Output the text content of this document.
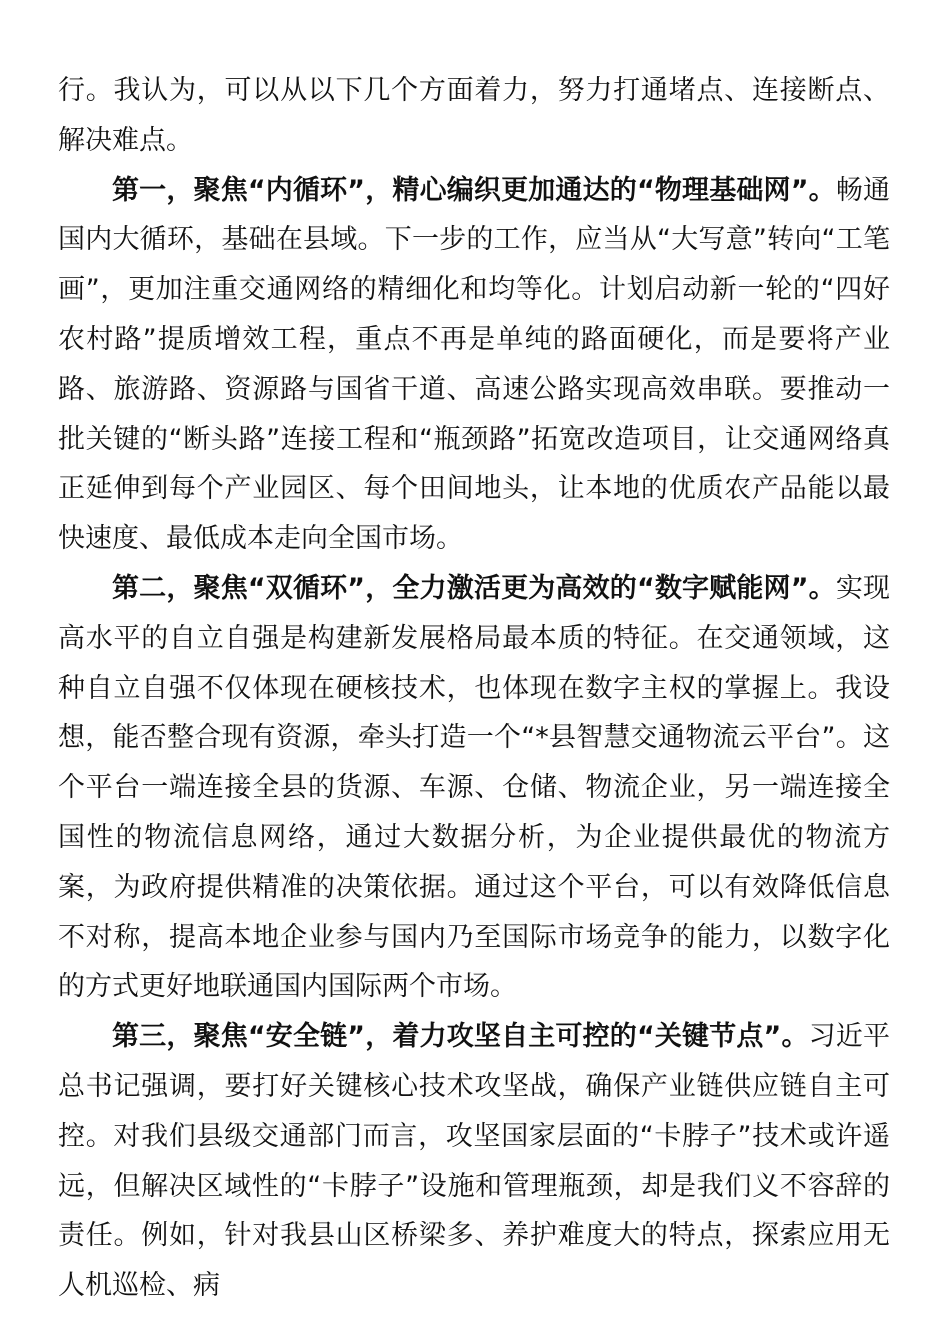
行。我认为，可以从以下几个方面着力，努力打通堵点、连接断点、解决难点。

第一，聚焦“内循环”，精心编织更加通达的“物理基础网”。畅通国内大循环，基础在县域。下一步的工作，应当从“大写意”转向“工笔画”，更加注重交通网络的精细化和均等化。计划启动新一轮的“四好农村路”提质增效工程，重点不再是单纯的路面硬化，而是要将产业路、旅游路、资源路与国省干道、高速公路实现高效串联。要推动一批关键的“断头路”连接工程和“瓶颈路”拓宽改造项目，让交通网络真正延伸到每个产业园区、每个田间地头，让本地的优质农产品能以最快速度、最低成本走向全国市场。

第二，聚焦“双循环”，全力激活更为高效的“数字赋能网”。实现高水平的自立自强是构建新发展格局最本质的特征。在交通领域，这种自立自强不仅体现在硬核技术，也体现在数字主权的掌握上。我设想，能否整合现有资源，牵头打造一个“*县智慧交通物流云平台”。这个平台一端连接全县的货源、车源、仓储、物流企业，另一端连接全国性的物流信息网络，通过大数据分析，为企业提供最优的物流方案，为政府提供精准的决策依据。通过这个平台，可以有效降低信息不对称，提高本地企业参与国内乃至国际市场竞争的能力，以数字化的方式更好地联通国内国际两个市场。

第三，聚焦“安全链”，着力攻坚自主可控的“关键节点”。习近平总书记强调，要打好关键核心技术攻坚战，确保产业链供应链自主可控。对我们县级交通部门而言，攻坚国家层面的“卡脖子”技术或许遥远，但解决区域性的“卡脖子”设施和管理瓶颈，却是我们义不容辞的责任。例如，针对我县山区桥梁多、养护难度大的特点，探索应用无人机巡检、病
